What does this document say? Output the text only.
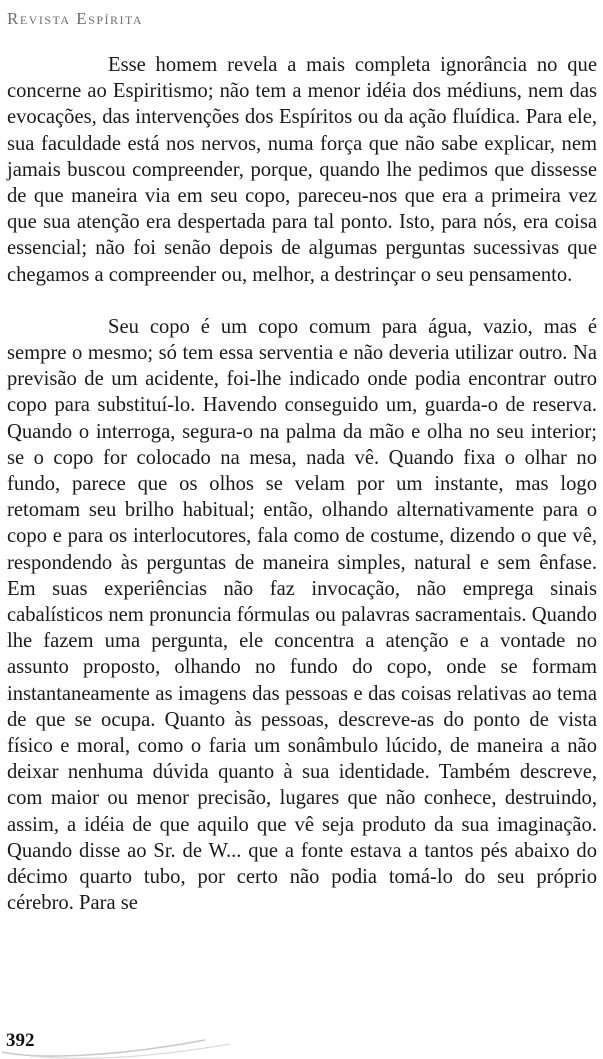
Revista Espírita

Esse homem revela a mais completa ignorância no que concerne ao Espiritismo; não tem a menor idéia dos médiuns, nem das evocações, das intervenções dos Espíritos ou da ação fluídica. Para ele, sua faculdade está nos nervos, numa força que não sabe explicar, nem jamais buscou compreender, porque, quando lhe pedimos que dissesse de que maneira via em seu copo, pareceu-nos que era a primeira vez que sua atenção era despertada para tal ponto. Isto, para nós, era coisa essencial; não foi senão depois de algumas perguntas sucessivas que chegamos a compreender ou, melhor, a destrinçar o seu pensamento.

Seu copo é um copo comum para água, vazio, mas é sempre o mesmo; só tem essa serventia e não deveria utilizar outro. Na previsão de um acidente, foi-lhe indicado onde podia encontrar outro copo para substituí-lo. Havendo conseguido um, guarda-o de reserva. Quando o interroga, segura-o na palma da mão e olha no seu interior; se o copo for colocado na mesa, nada vê. Quando fixa o olhar no fundo, parece que os olhos se velam por um instante, mas logo retomam seu brilho habitual; então, olhando alternativamente para o copo e para os interlocutores, fala como de costume, dizendo o que vê, respondendo às perguntas de maneira simples, natural e sem ênfase. Em suas experiências não faz invocação, não emprega sinais cabalísticos nem pronuncia fórmulas ou palavras sacramentais. Quando lhe fazem uma pergunta, ele concentra a atenção e a vontade no assunto proposto, olhando no fundo do copo, onde se formam instantaneamente as imagens das pessoas e das coisas relativas ao tema de que se ocupa. Quanto às pessoas, descreve-as do ponto de vista físico e moral, como o faria um sonâmbulo lúcido, de maneira a não deixar nenhuma dúvida quanto à sua identidade. Também descreve, com maior ou menor precisão, lugares que não conhece, destruindo, assim, a idéia de que aquilo que vê seja produto da sua imaginação. Quando disse ao Sr. de W... que a fonte estava a tantos pés abaixo do décimo quarto tubo, por certo não podia tomá-lo do seu próprio cérebro. Para se

392
